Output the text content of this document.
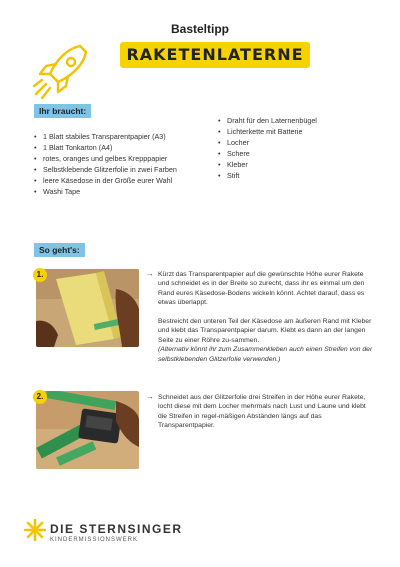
Basteltipp
RAKETENLATERNE
Ihr braucht:
• 1 Blatt stabiles Transparentpapier (A3)
• 1 Blatt Tonkarton (A4)
• rotes, oranges und gelbes Krepppapier
• Selbstklebende Glitzerfolie in zwei Farben
• leere Käsedose in der Größe eurer Wahl
• Washi Tape
• Draht für den Laternenbügel
• Lichterkette mit Batterie
• Locher
• Schere
• Kleber
• Stift
So geht's:
1.	→ Kürzt das Transparentpapier auf die gewünschte Höhe eurer Rakete und schneidet es in der Breite so zurecht, dass ihr es einmal um den Rand eures Käsedose-Bodens wickeln könnt. Achtet darauf, dass es etwas überlappt.

Bestreicht den unteren Teil der Käsedose am äußeren Rand mit Kleber und klebt das Transparentpapier darum. Klebt es dann an der langen Seite zu einer Röhre zu-sammen.

(Alternativ könnt ihr zum Zusammenkleben auch einen Streifen von der selbstklebenden Glitzerfolie verwenden.)

2.	→ Schneidet aus der Glitzerfolie drei Streifen in der Höhe eurer Rakete, locht diese mit dem Locher mehrmals nach Lust und Laune und klebt die Streifen in regel-mäßigen Abständen längs auf das Transparentpapier.

DIE STERNSINGER
KINDERMISSIONSWERK
